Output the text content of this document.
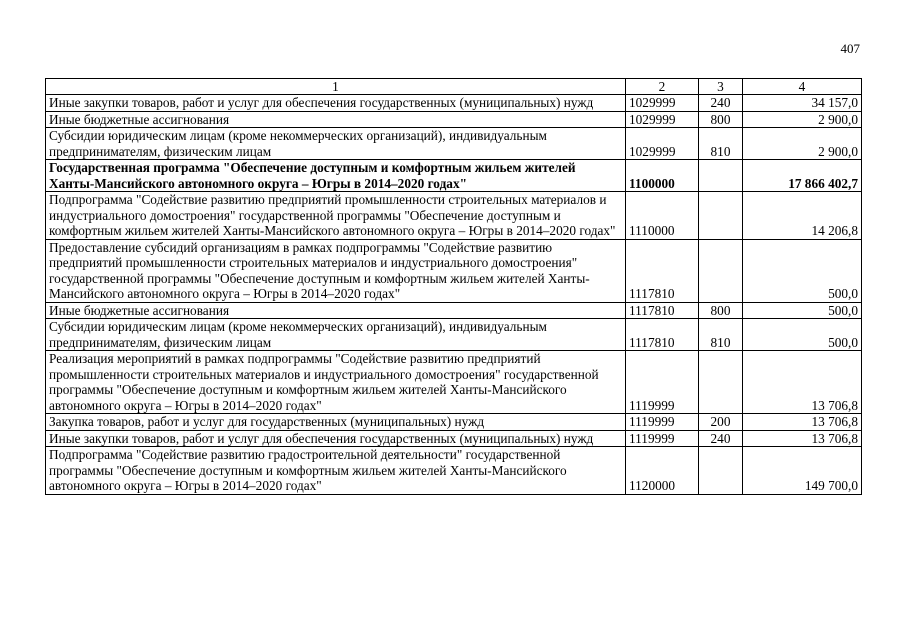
407
1	2	3	4
Иные закупки товаров, работ и услуг для обеспечения государственных (муниципальных) нужд	1029999	240	34 157,0
Иные бюджетные ассигнования	1029999	800	2 900,0
Субсидии юридическим лицам (кроме некоммерческих организаций), индивидуальным предпринимателям, физическим лицам	1029999	810	2 900,0
Государственная программа "Обеспечение доступным и комфортным жильем жителей Ханты-Мансийского автономного округа – Югры в 2014–2020 годах"	1100000		17 866 402,7
Подпрограмма "Содействие развитию предприятий промышленности строительных материалов и индустриального домостроения" государственной программы "Обеспечение доступным и комфортным жильем жителей Ханты-Мансийского автономного округа – Югры в 2014–2020 годах"	1110000		14 206,8
Предоставление субсидий организациям в рамках подпрограммы "Содействие развитию предприятий промышленности строительных материалов и индустриального домостроения" государственной программы "Обеспечение доступным и комфортным жильем жителей Ханты-Мансийского автономного округа – Югры в 2014–2020 годах"	1117810		500,0
Иные бюджетные ассигнования	1117810	800	500,0
Субсидии юридическим лицам (кроме некоммерческих организаций), индивидуальным предпринимателям, физическим лицам	1117810	810	500,0
Реализация мероприятий в рамках подпрограммы "Содействие развитию предприятий промышленности строительных материалов и индустриального домостроения" государственной программы "Обеспечение доступным и комфортным жильем жителей Ханты-Мансийского автономного округа – Югры в 2014–2020 годах"	1119999		13 706,8
Закупка товаров, работ и услуг для государственных (муниципальных) нужд	1119999	200	13 706,8
Иные закупки товаров, работ и услуг для обеспечения государственных (муниципальных) нужд	1119999	240	13 706,8
Подпрограмма "Содействие развитию градостроительной деятельности" государственной программы "Обеспечение доступным и комфортным жильем жителей Ханты-Мансийского автономного округа – Югры в 2014–2020 годах"	1120000		149 700,0
